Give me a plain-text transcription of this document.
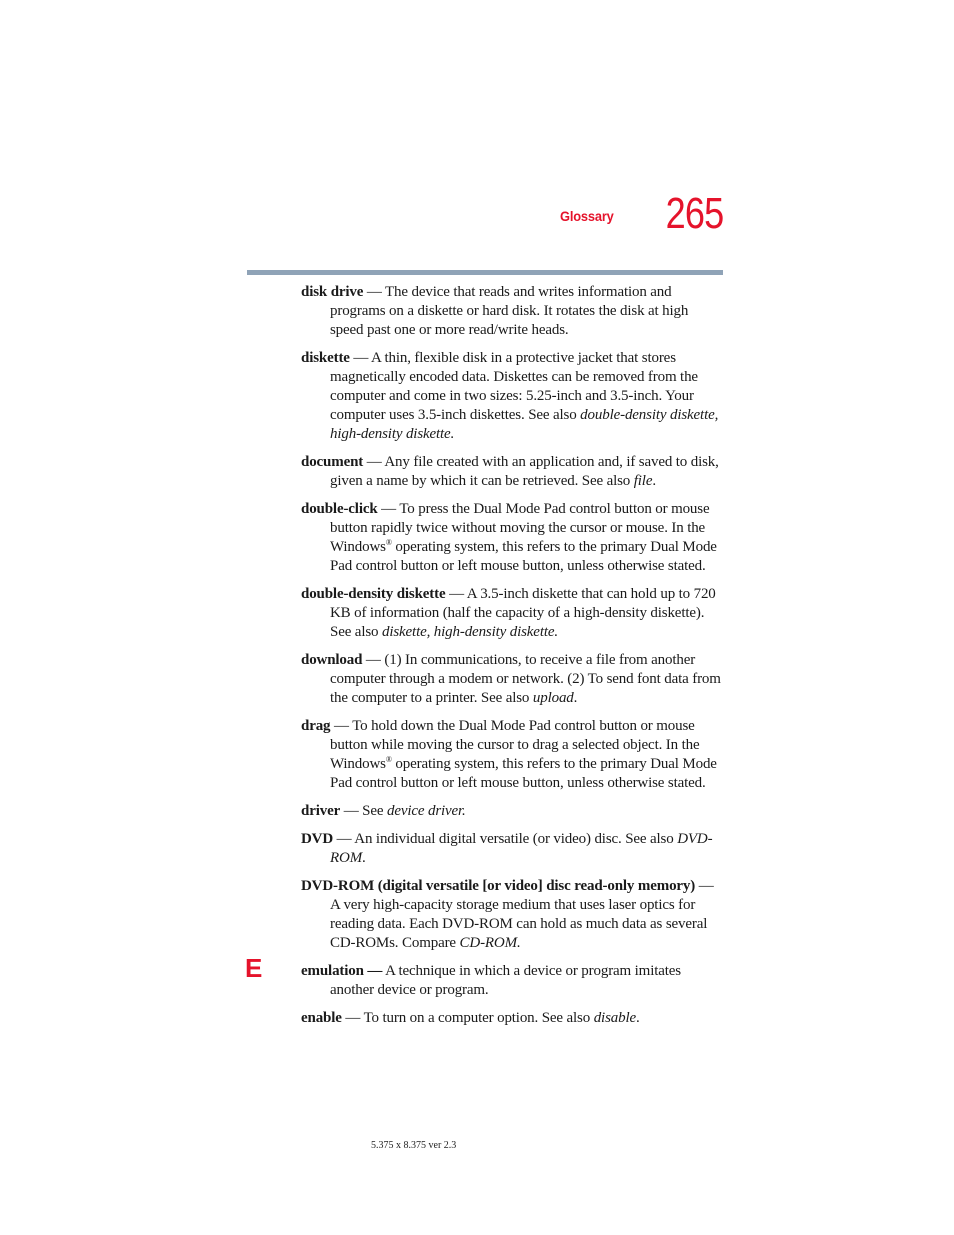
Glossary 265

disk drive — The device that reads and writes information and programs on a diskette or hard disk. It rotates the disk at high speed past one or more read/write heads.

diskette — A thin, flexible disk in a protective jacket that stores magnetically encoded data. Diskettes can be removed from the computer and come in two sizes: 5.25-inch and 3.5-inch. Your computer uses 3.5-inch diskettes. See also double-density diskette, high-density diskette.

document — Any file created with an application and, if saved to disk, given a name by which it can be retrieved. See also file.

double-click — To press the Dual Mode Pad control button or mouse button rapidly twice without moving the cursor or mouse. In the Windows® operating system, this refers to the primary Dual Mode Pad control button or left mouse button, unless otherwise stated.

double-density diskette — A 3.5-inch diskette that can hold up to 720 KB of information (half the capacity of a high-density diskette). See also diskette, high-density diskette.

download — (1) In communications, to receive a file from another computer through a modem or network. (2) To send font data from the computer to a printer. See also upload.

drag — To hold down the Dual Mode Pad control button or mouse button while moving the cursor to drag a selected object. In the Windows® operating system, this refers to the primary Dual Mode Pad control button or left mouse button, unless otherwise stated.

driver — See device driver.

DVD — An individual digital versatile (or video) disc. See also DVD-ROM.

DVD-ROM (digital versatile [or video] disc read-only memory) — A very high-capacity storage medium that uses laser optics for reading data. Each DVD-ROM can hold as much data as several CD-ROMs. Compare CD-ROM.

emulation — A technique in which a device or program imitates another device or program.

enable — To turn on a computer option. See also disable.

E
5.375 x 8.375 ver 2.3
